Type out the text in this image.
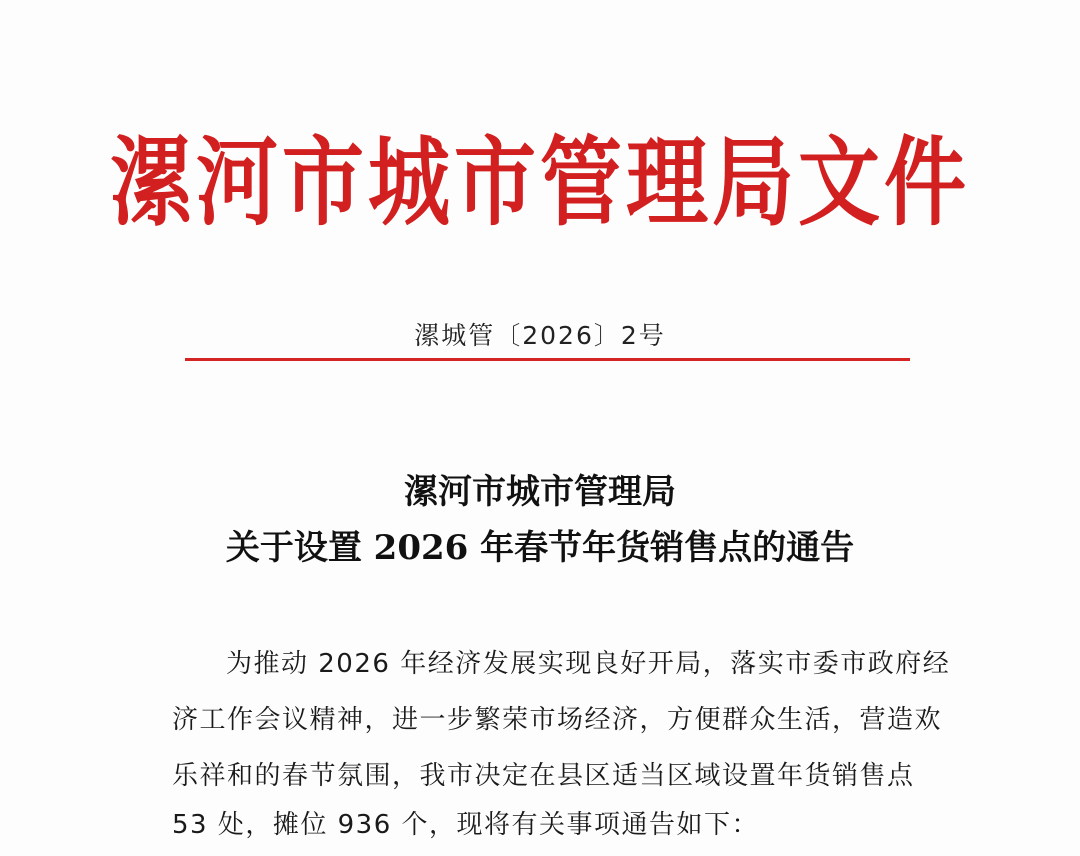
漯河市城市管理局文件
漯城管〔2026〕2号
漯河市城市管理局
关于设置 2026 年春节年货销售点的通告
为推动 2026 年经济发展实现良好开局，落实市委市政府经
济工作会议精神，进一步繁荣市场经济，方便群众生活，营造欢
乐祥和的春节氛围，我市决定在县区适当区域设置年货销售点
53 处，摊位 936 个，现将有关事项通告如下：
